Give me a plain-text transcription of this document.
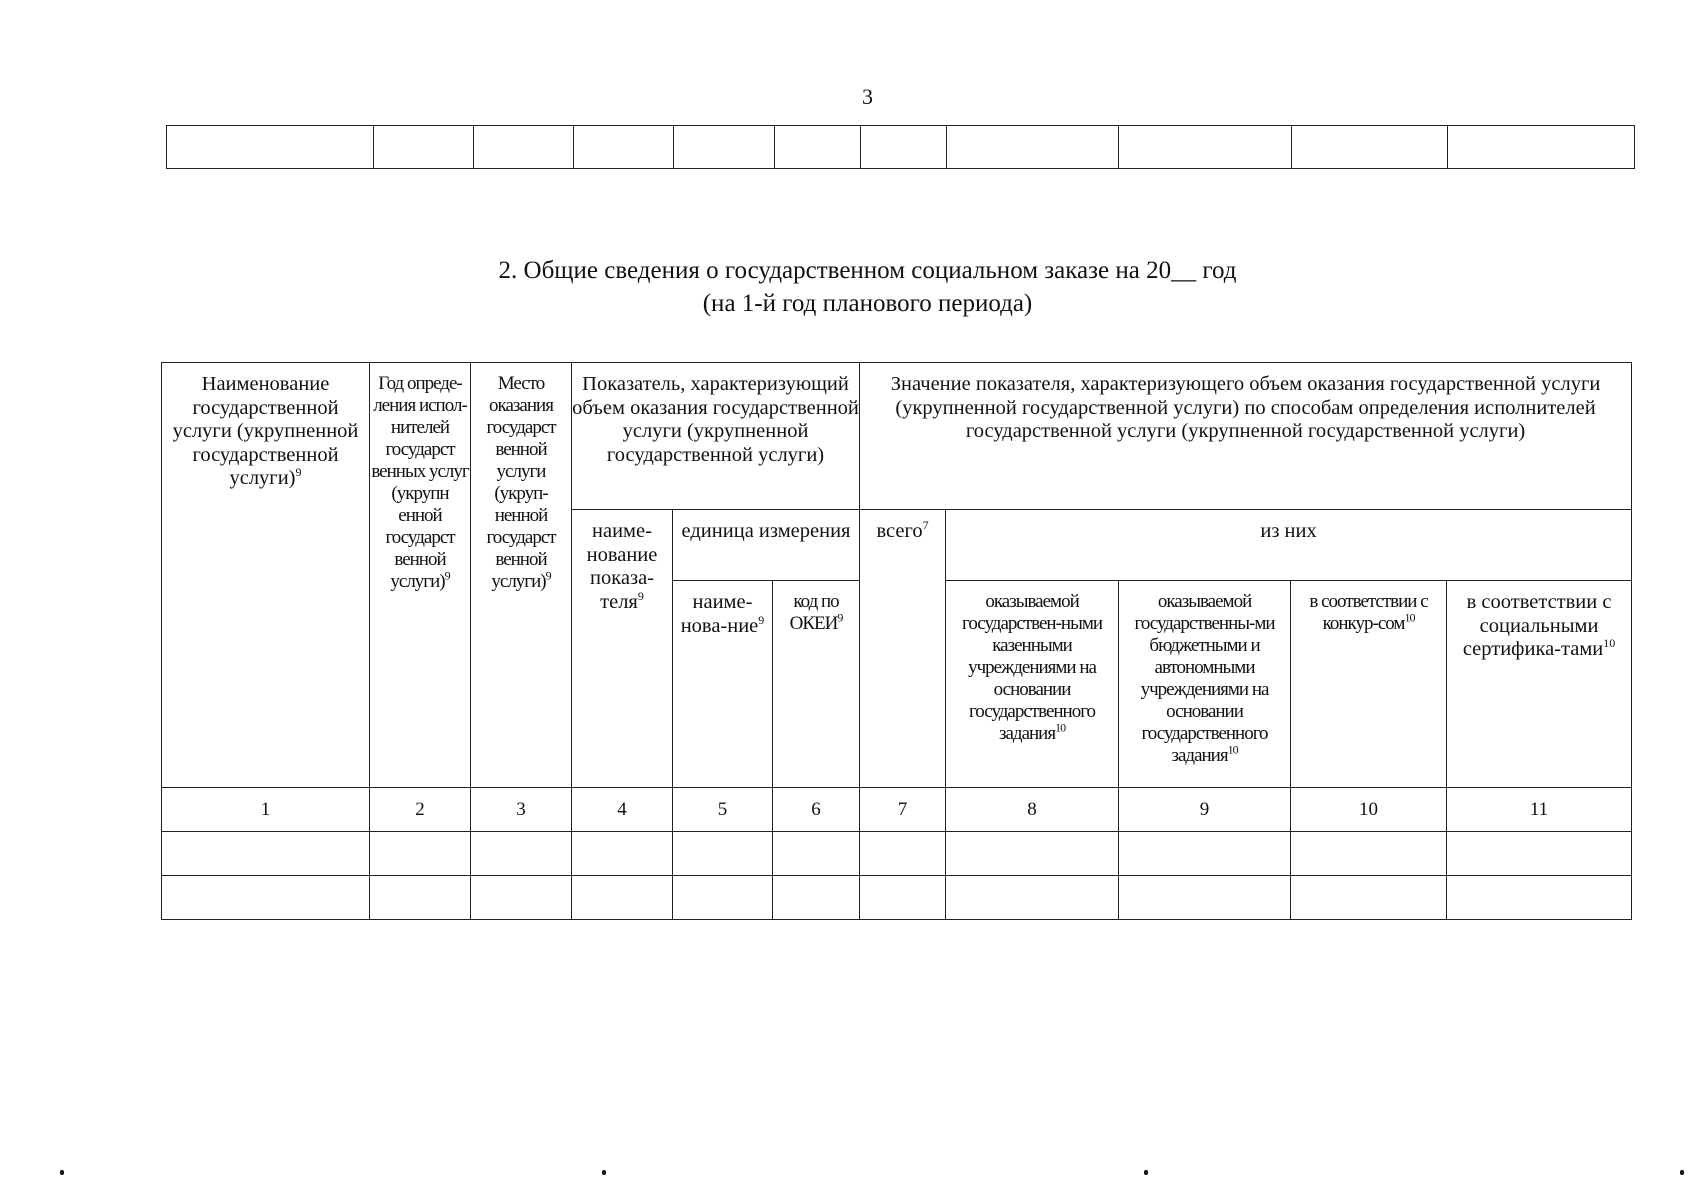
3

2. Общие сведения о государственном социальном заказе на 20__ год
(на 1-й год планового периода)
Наименование государственной услуги (укрупненной государственной услуги)$^9$	Год опреде-ления испол-нителей государст венных услуг (укрупн енной государст венной услуги)$^9$	Место оказания государст венной услуги (укруп-ненной государст венной услуги)$^9$	Показатель, характеризующий объем оказания государственной услуги (укрупненной государственной услуги)			Значение показателя, характеризующего объем оказания государственной услуги (укрупненной государственной услуги) по способам определения исполнителей государственной услуги (укрупненной государственной услуги)				
			наиме-нование показа-теля$^9$	единица измерения		всего$^7$	из них			
				наиме-нова-ние$^9$	код по ОКЕИ$^9$		оказываемой государствен-ными казенными учреждениями на основании государственного задания$^{10}$	оказываемой государственны-ми бюджетными и автономными учреждениями на основании государственного задания$^{10}$	в соответствии с конкур-сом$^{10}$	в соответствии с социальными сертифика-тами$^{10}$
1	2	3	4	5	6	7	8	9	10	11
